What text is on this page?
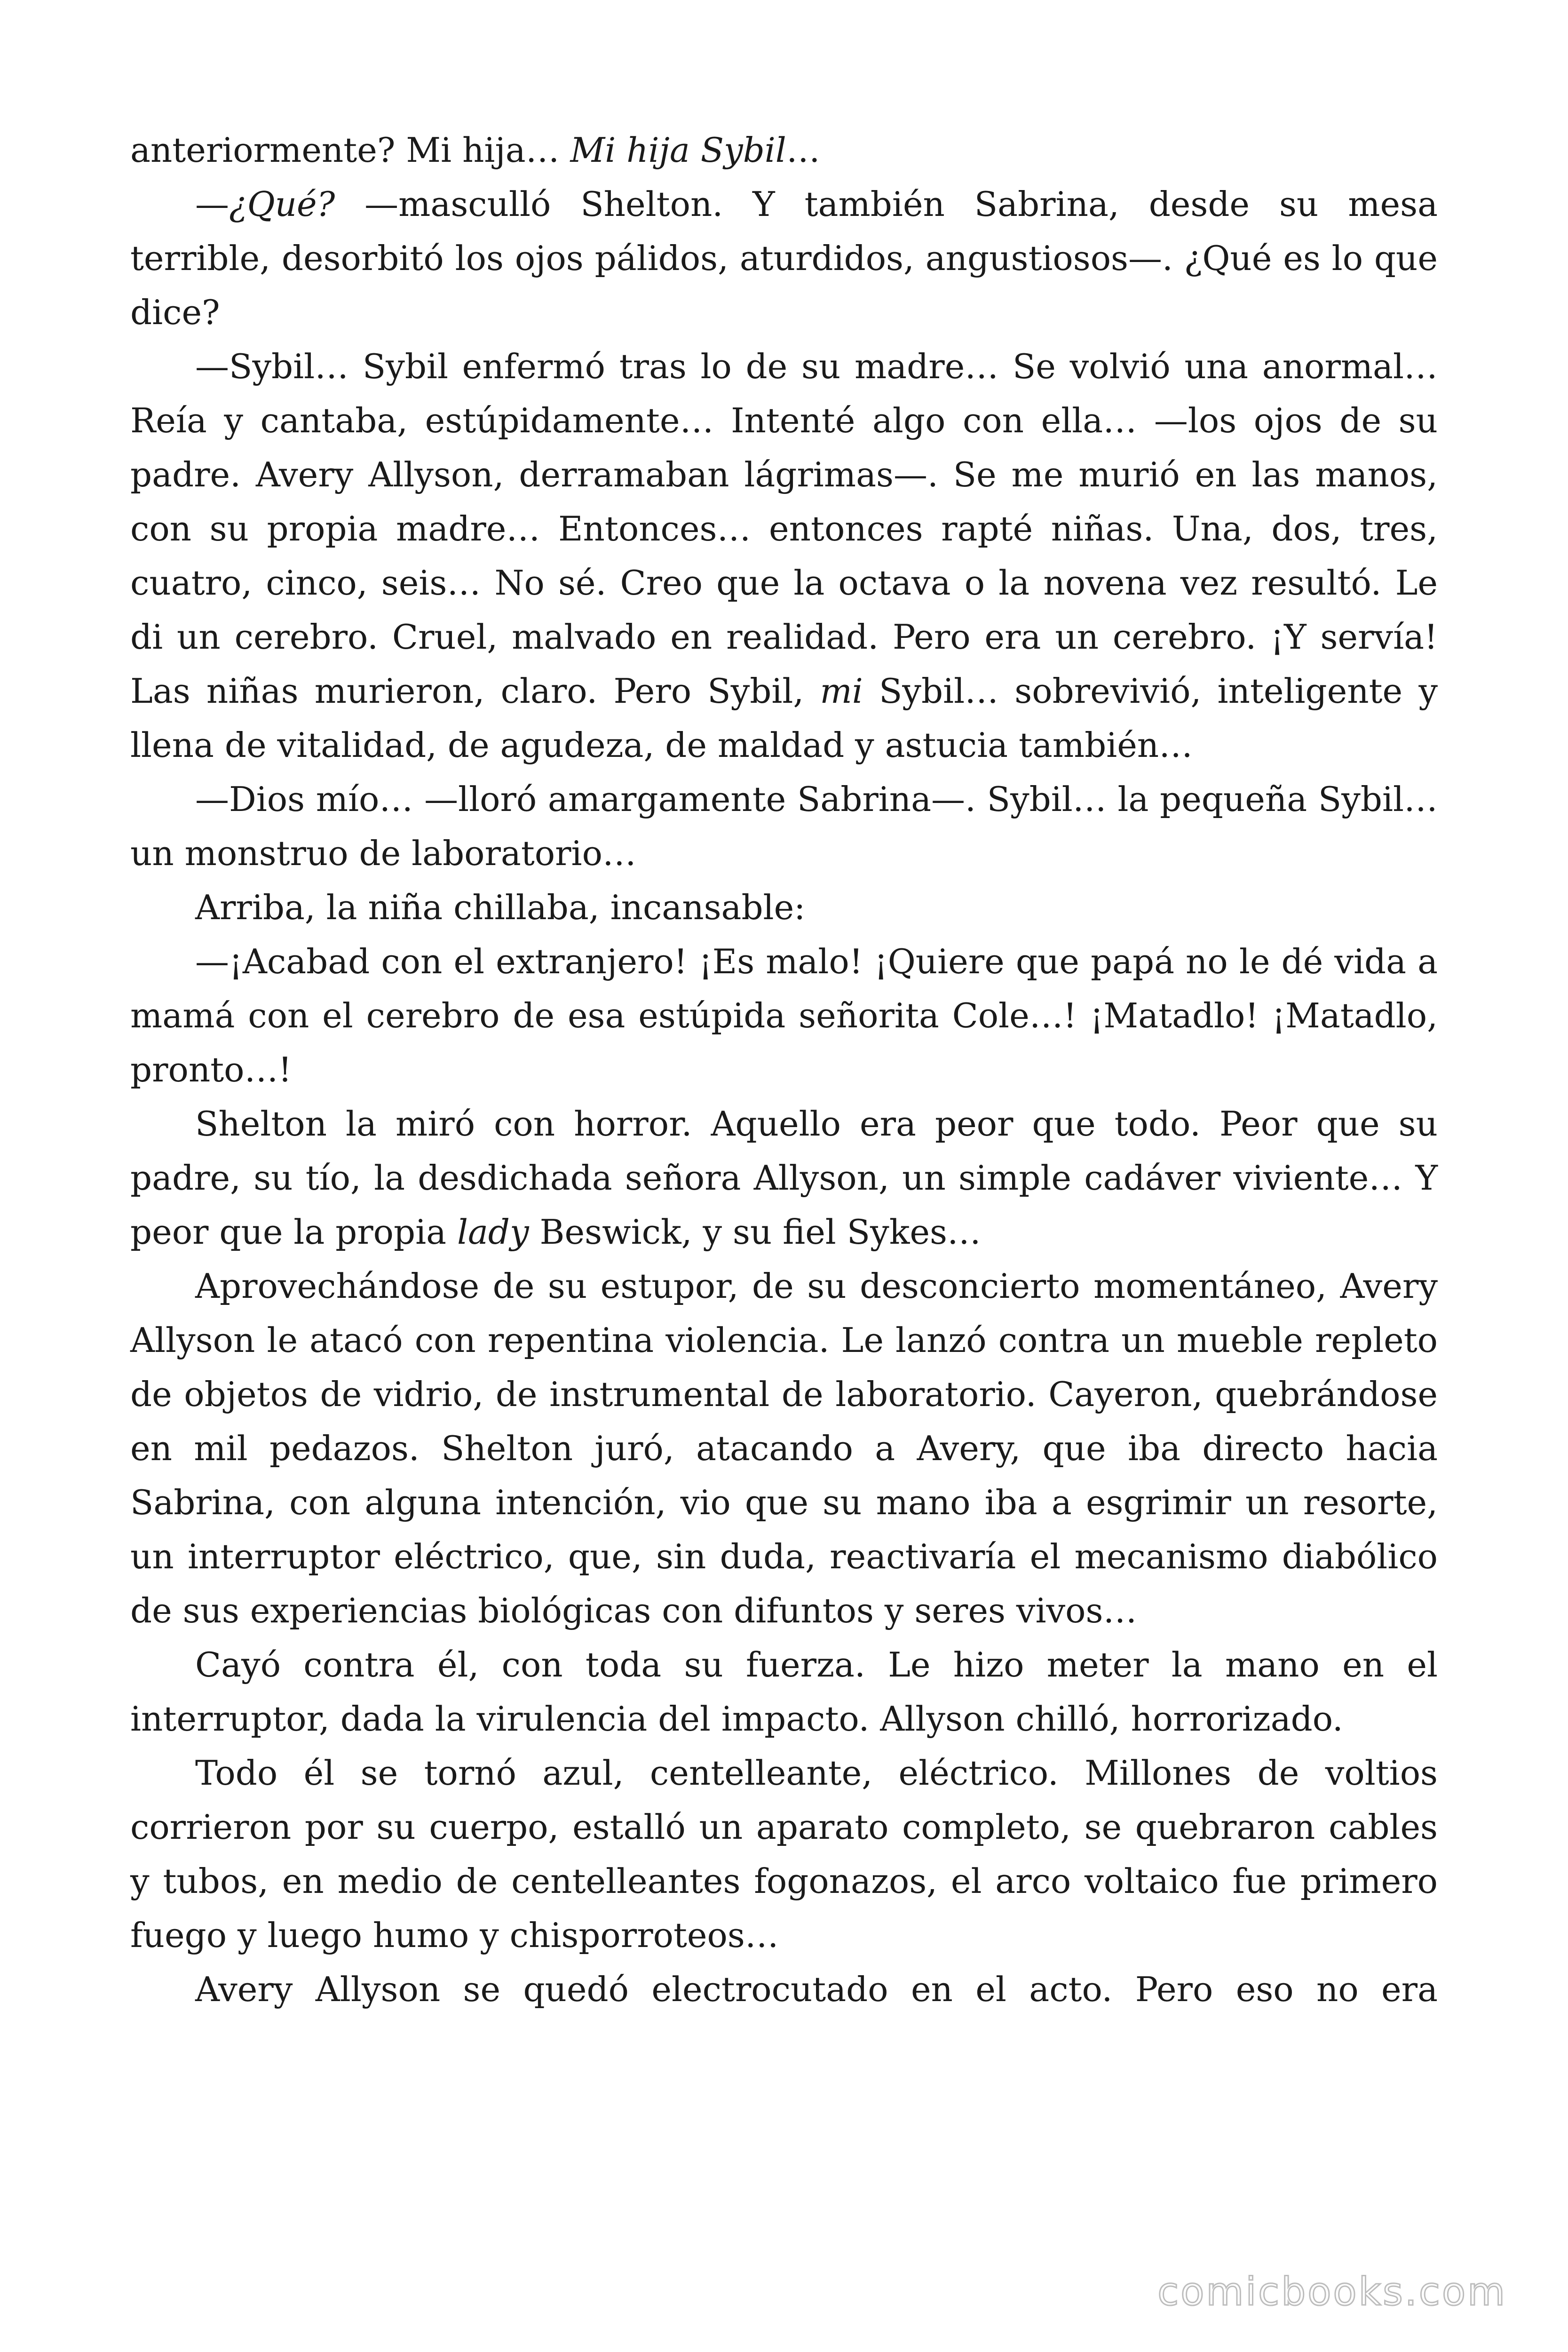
anteriormente? Mi hija… Mi hija Sybil…

—¿Qué? —masculló Shelton. Y también Sabrina, desde su mesa terrible, desorbitó los ojos pálidos, aturdidos, angustiosos—. ¿Qué es lo que dice?

—Sybil… Sybil enfermó tras lo de su madre… Se volvió una anormal… Reía y cantaba, estúpidamente… Intenté algo con ella… —los ojos de su padre. Avery Allyson, derramaban lágrimas—. Se me murió en las manos, con su propia madre… Entonces… entonces rapté niñas. Una, dos, tres, cuatro, cinco, seis… No sé. Creo que la octava o la novena vez resultó. Le di un cerebro. Cruel, malvado en realidad. Pero era un cerebro. ¡Y servía! Las niñas murieron, claro. Pero Sybil, mi Sybil… sobrevivió, inteligente y llena de vitalidad, de agudeza, de maldad y astucia también…

—Dios mío… —lloró amargamente Sabrina—. Sybil… la pequeña Sybil… un monstruo de laboratorio…

Arriba, la niña chillaba, incansable:

—¡Acabad con el extranjero! ¡Es malo! ¡Quiere que papá no le dé vida a mamá con el cerebro de esa estúpida señorita Cole…! ¡Matadlo! ¡Matadlo, pronto…!

Shelton la miró con horror. Aquello era peor que todo. Peor que su padre, su tío, la desdichada señora Allyson, un simple cadáver viviente… Y peor que la propia lady Beswick, y su fiel Sykes…

Aprovechándose de su estupor, de su desconcierto momentáneo, Avery Allyson le atacó con repentina violencia. Le lanzó contra un mueble repleto de objetos de vidrio, de instrumental de laboratorio. Cayeron, quebrándose en mil pedazos. Shelton juró, atacando a Avery, que iba directo hacia Sabrina, con alguna intención, vio que su mano iba a esgrimir un resorte, un interruptor eléctrico, que, sin duda, reactivaría el mecanismo diabólico de sus experiencias biológicas con difuntos y seres vivos…

Cayó contra él, con toda su fuerza. Le hizo meter la mano en el interruptor, dada la virulencia del impacto. Allyson chilló, horrorizado.

Todo él se tornó azul, centelleante, eléctrico. Millones de voltios corrieron por su cuerpo, estalló un aparato completo, se quebraron cables y tubos, en medio de centelleantes fogonazos, el arco voltaico fue primero fuego y luego humo y chisporroteos…

Avery Allyson se quedó electrocutado en el acto. Pero eso no era

comicbooks.com
